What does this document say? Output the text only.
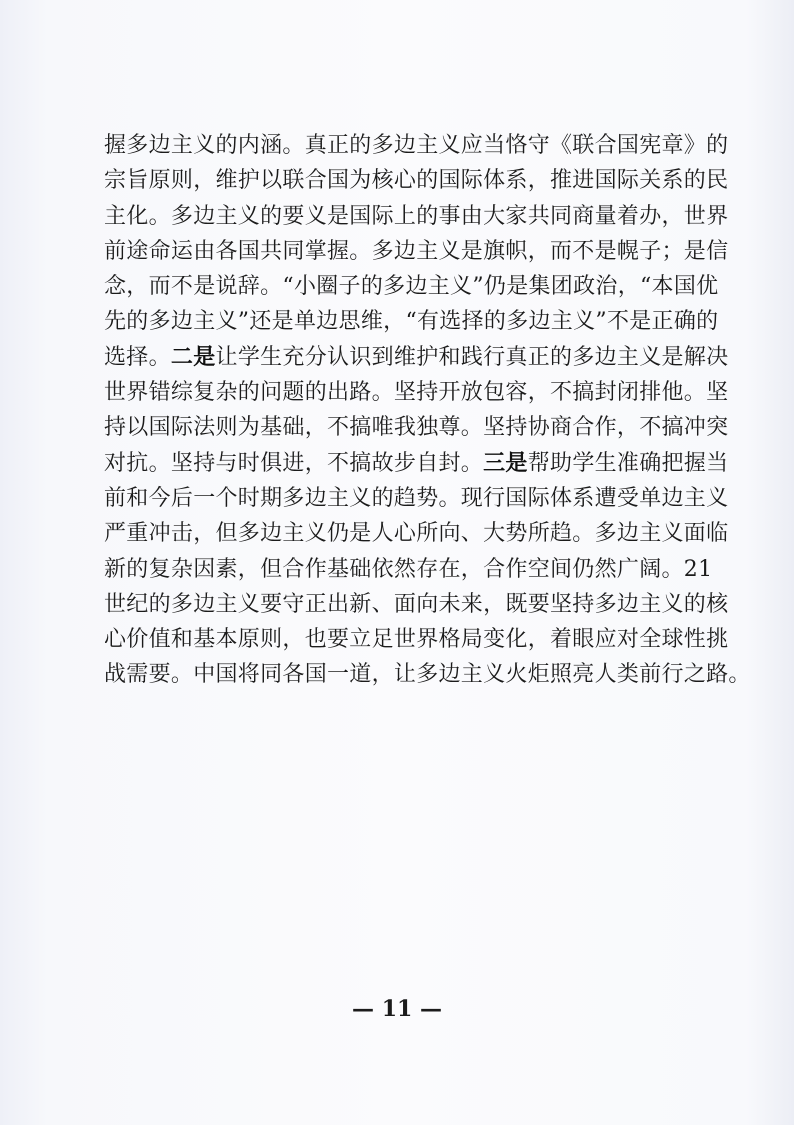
握多边主义的内涵。真正的多边主义应当恪守《联合国宪章》的
宗旨原则，维护以联合国为核心的国际体系，推进国际关系的民
主化。多边主义的要义是国际上的事由大家共同商量着办，世界
前途命运由各国共同掌握。多边主义是旗帜，而不是幌子；是信
念，而不是说辞。“小圈子的多边主义”仍是集团政治，“本国优
先的多边主义”还是单边思维，“有选择的多边主义”不是正确的
选择。二是让学生充分认识到维护和践行真正的多边主义是解决
世界错综复杂的问题的出路。坚持开放包容，不搞封闭排他。坚
持以国际法则为基础，不搞唯我独尊。坚持协商合作，不搞冲突
对抗。坚持与时俱进，不搞故步自封。三是帮助学生准确把握当
前和今后一个时期多边主义的趋势。现行国际体系遭受单边主义
严重冲击，但多边主义仍是人心所向、大势所趋。多边主义面临
新的复杂因素，但合作基础依然存在，合作空间仍然广阔。21
世纪的多边主义要守正出新、面向未来，既要坚持多边主义的核
心价值和基本原则，也要立足世界格局变化，着眼应对全球性挑
战需要。中国将同各国一道，让多边主义火炬照亮人类前行之路。
— 11 —
